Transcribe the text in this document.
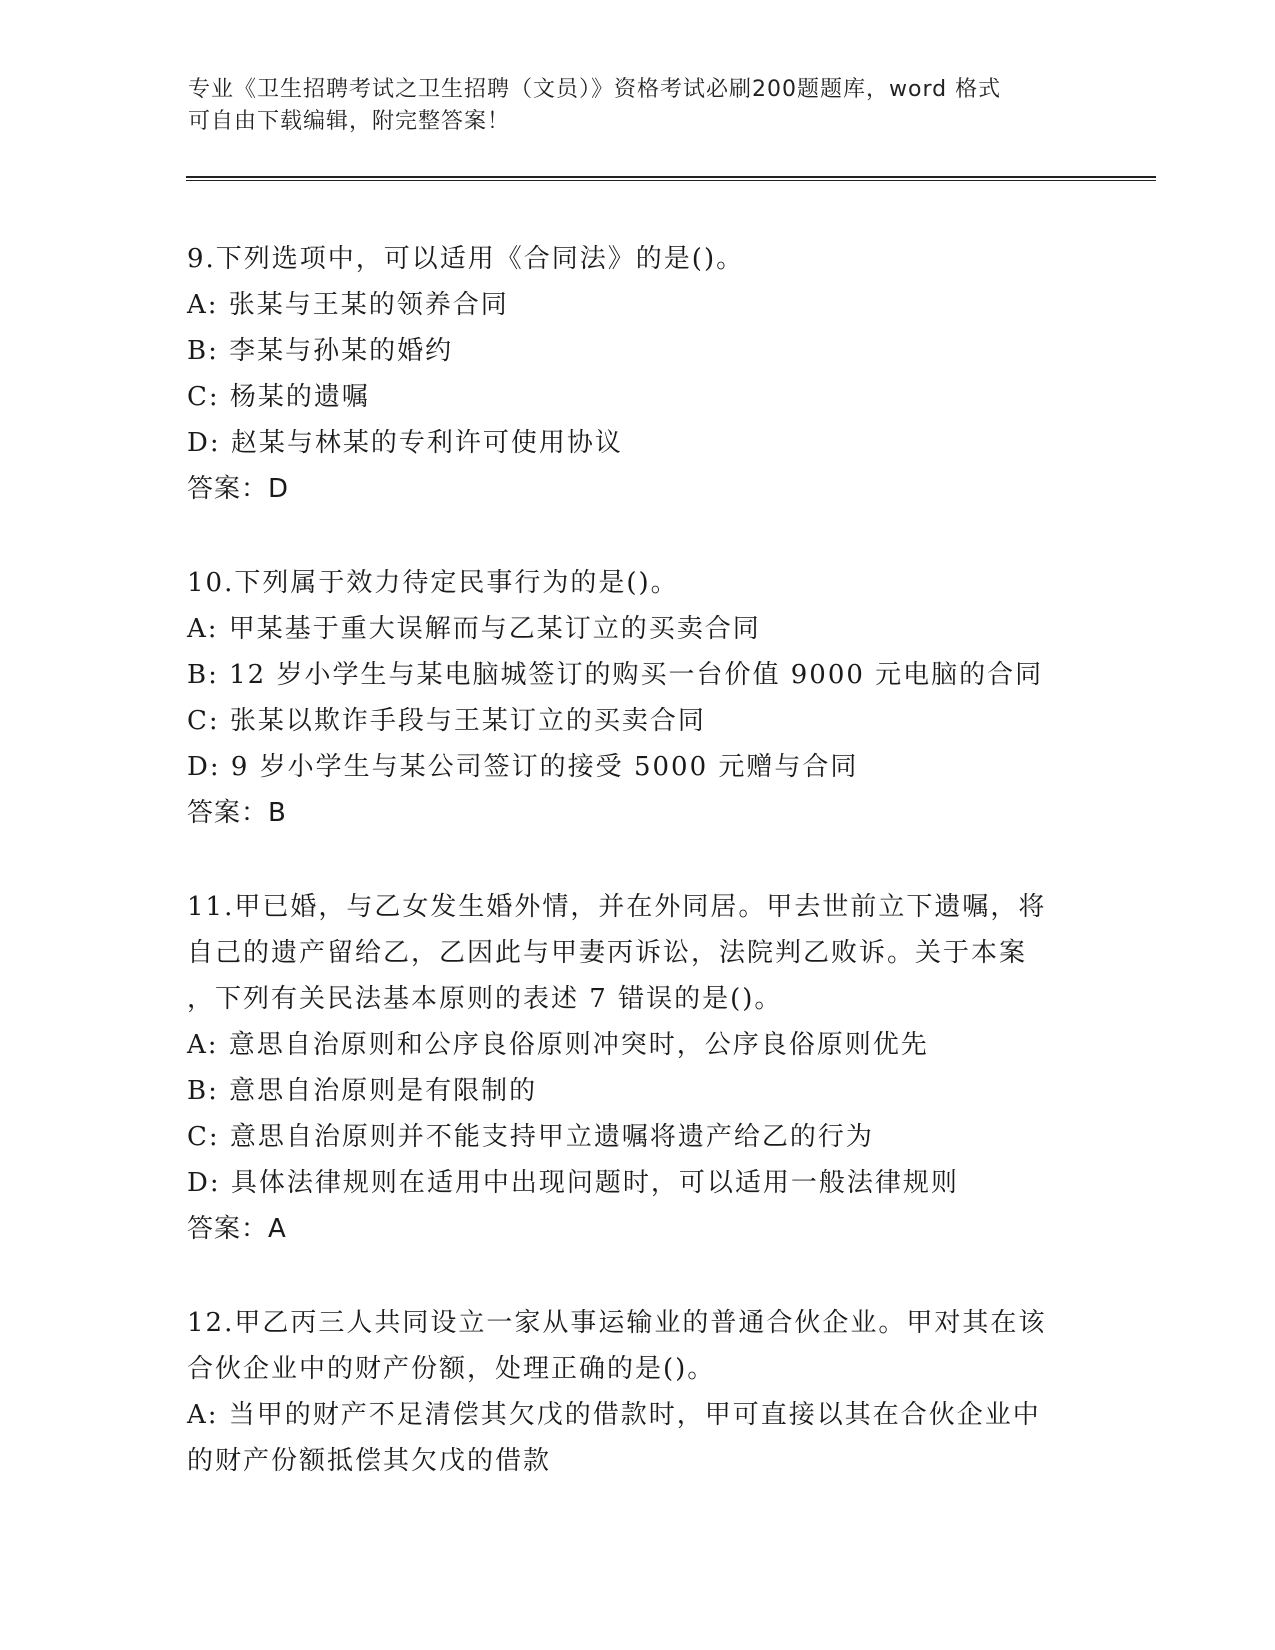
专业《卫生招聘考试之卫生招聘（文员）》资格考试必刷200题题库，word 格式
可自由下载编辑，附完整答案！
9.下列选项中，可以适用《合同法》的是()。
A: 张某与王某的领养合同
B: 李某与孙某的婚约
C: 杨某的遗嘱
D: 赵某与林某的专利许可使用协议
答案：D
10.下列属于效力待定民事行为的是()。
A: 甲某基于重大误解而与乙某订立的买卖合同
B: 12 岁小学生与某电脑城签订的购买一台价值 9000 元电脑的合同
C: 张某以欺诈手段与王某订立的买卖合同
D: 9 岁小学生与某公司签订的接受 5000 元赠与合同
答案：B
11.甲已婚，与乙女发生婚外情，并在外同居。甲去世前立下遗嘱，将
自己的遗产留给乙，乙因此与甲妻丙诉讼，法院判乙败诉。关于本案
，下列有关民法基本原则的表述 7 错误的是()。
A: 意思自治原则和公序良俗原则冲突时，公序良俗原则优先
B: 意思自治原则是有限制的
C: 意思自治原则并不能支持甲立遗嘱将遗产给乙的行为
D: 具体法律规则在适用中出现问题时，可以适用一般法律规则
答案：A
12.甲乙丙三人共同设立一家从事运输业的普通合伙企业。甲对其在该
合伙企业中的财产份额，处理正确的是()。
A: 当甲的财产不足清偿其欠戊的借款时，甲可直接以其在合伙企业中
的财产份额抵偿其欠戊的借款
